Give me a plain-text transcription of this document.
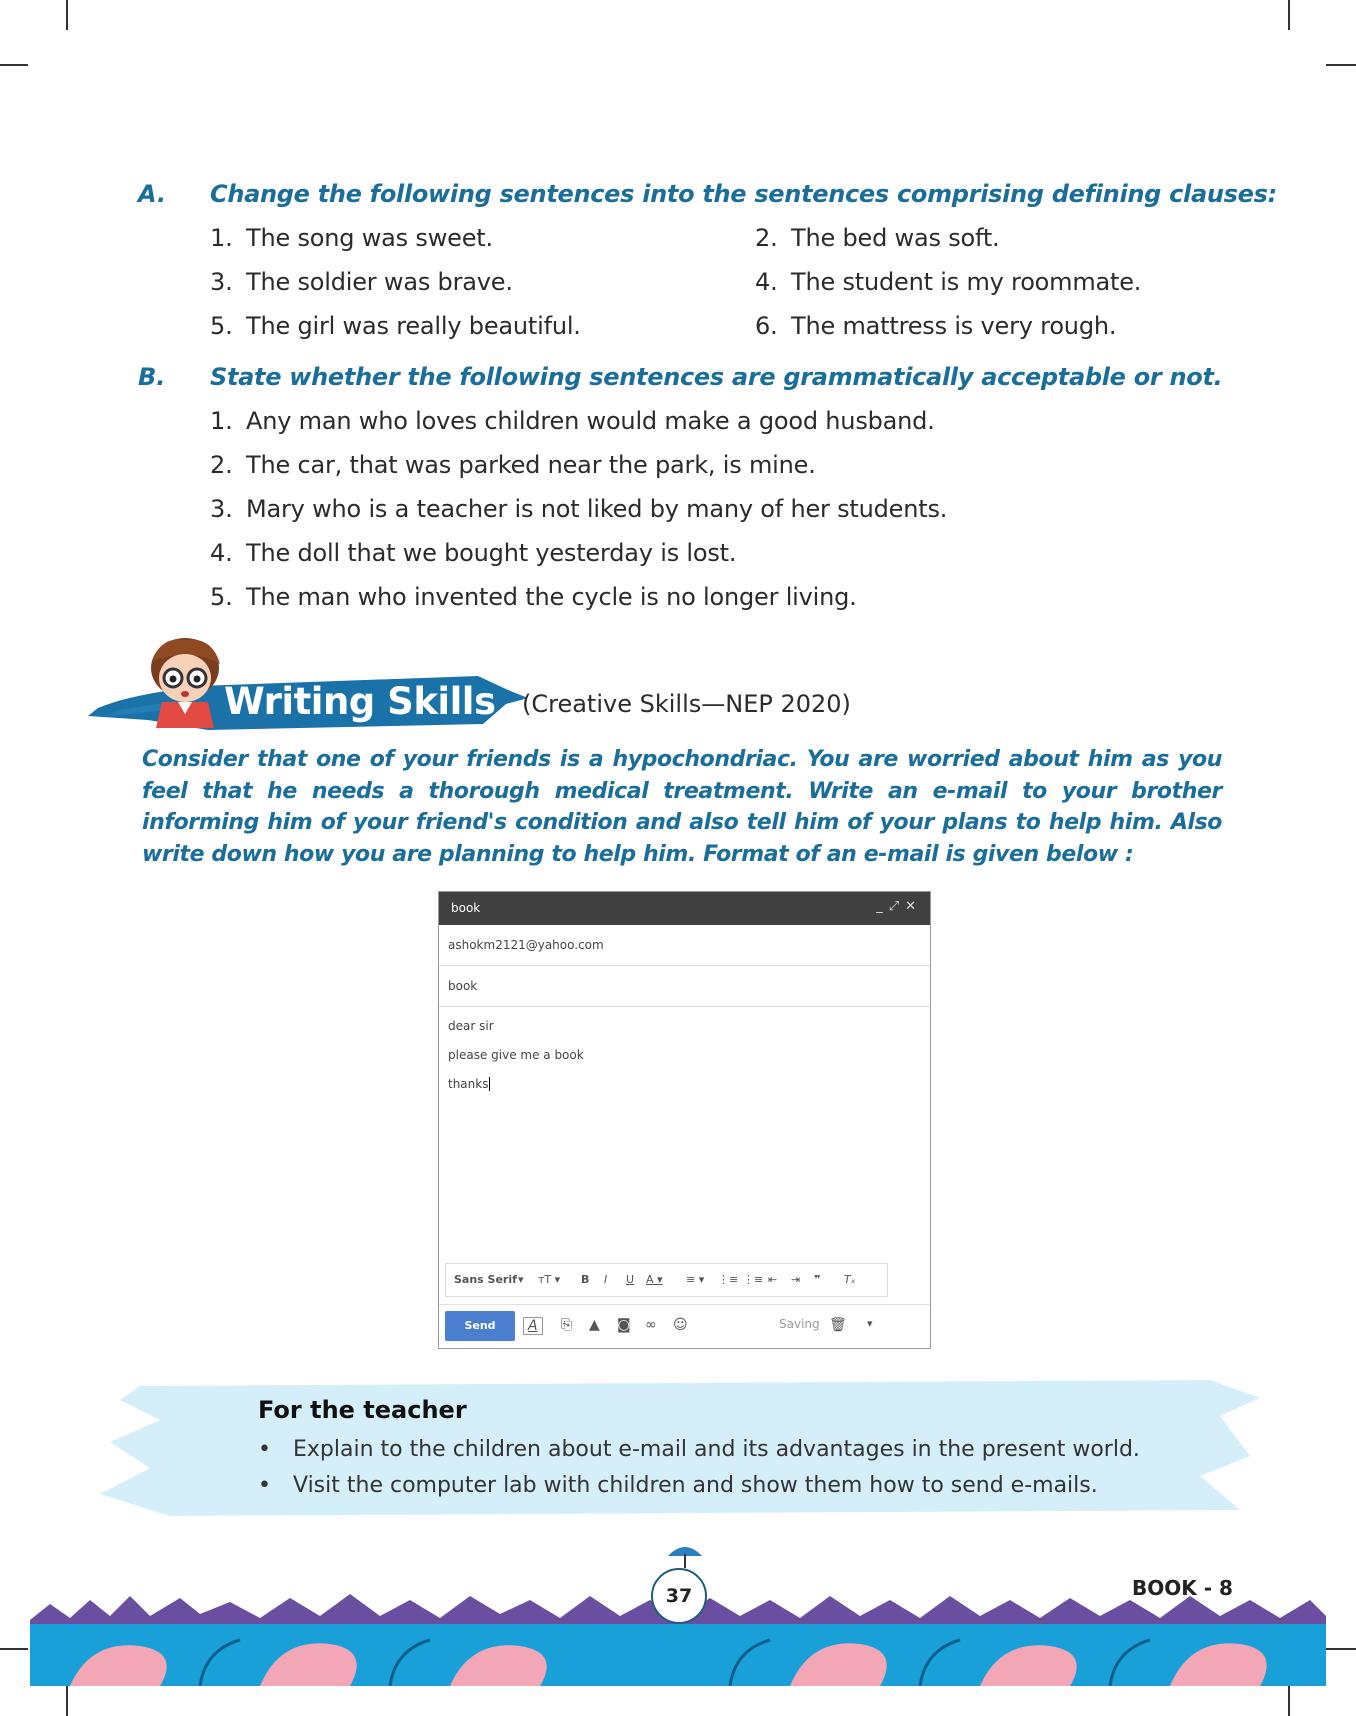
A. Change the following sentences into the sentences comprising defining clauses:
1. The song was sweet.	2. The bed was soft.
3. The soldier was brave.	4. The student is my roommate.
5. The girl was really beautiful.	6. The mattress is very rough.
B. State whether the following sentences are grammatically acceptable or not.
1. Any man who loves children would make a good husband.
2. The car, that was parked near the park, is mine.
3. Mary who is a teacher is not liked by many of her students.
4. The doll that we bought yesterday is lost.
5. The man who invented the cycle is no longer living.
Writing Skills (Creative Skills—NEP 2020)
Consider that one of your friends is a hypochondriac. You are worried about him as you feel that he needs a thorough medical treatment. Write an e-mail to your brother informing him of your friend's condition and also tell him of your plans to help him. Also write down how you are planning to help him. Format of an e-mail is given below :
book	_⤢✕
ashokm2121@yahoo.com
book
dear sir
please give me a book
thanks
Sans Serif ▾ ᴛT ▾ B I U A ▾ ≡ ▾ ⋮≡ ⋮≡ ⇤ ⇥ ❞ Tₓ
Send	A	⎘ ▲ ◙ ∞ ☺	Saving 🗑 ▾
For the teacher
• Explain to the children about e-mail and its advantages in the present world.
• Visit the computer lab with children and show them how to send e-mails.
37	BOOK - 8
